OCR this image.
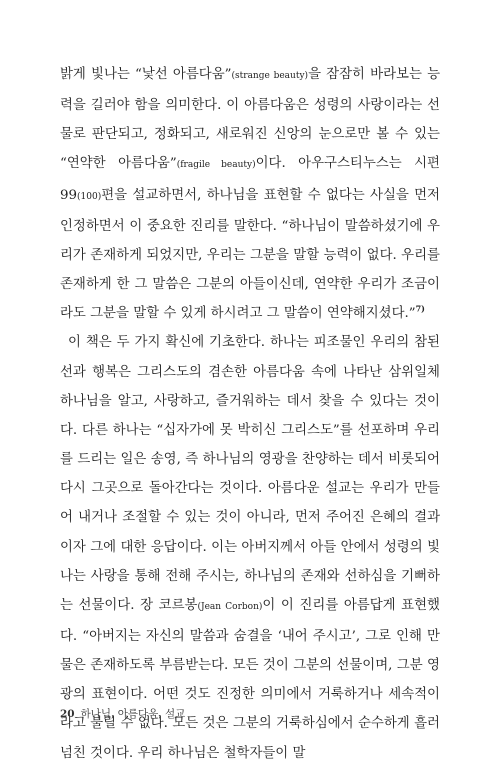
밝게 빛나는 “낯선 아름다움”(strange beauty)을 잠잠히 바라보는 능력을 길러야 함을 의미한다. 이 아름다움은 성령의 사랑이라는 선물로 판단되고, 정화되고, 새로워진 신앙의 눈으로만 볼 수 있는 “연약한 아름다움”(fragile beauty)이다. 아우구스티누스는 시편 99(100)편을 설교하면서, 하나님을 표현할 수 없다는 사실을 먼저 인정하면서 이 중요한 진리를 말한다. “하나님이 말씀하셨기에 우리가 존재하게 되었지만, 우리는 그분을 말할 능력이 없다. 우리를 존재하게 한 그 말씀은 그분의 아들이신데, 연약한 우리가 조금이라도 그분을 말할 수 있게 하시려고 그 말씀이 연약해지셨다.”$^{7)}$

이 책은 두 가지 확신에 기초한다. 하나는 피조물인 우리의 참된 선과 행복은 그리스도의 겸손한 아름다움 속에 나타난 삼위일체 하나님을 알고, 사랑하고, 즐거워하는 데서 찾을 수 있다는 것이다. 다른 하나는 “십자가에 못 박히신 그리스도”를 선포하며 우리를 드리는 일은 송영, 즉 하나님의 영광을 찬양하는 데서 비롯되어 다시 그곳으로 돌아간다는 것이다. 아름다운 설교는 우리가 만들어 내거나 조절할 수 있는 것이 아니라, 먼저 주어진 은혜의 결과이자 그에 대한 응답이다. 이는 아버지께서 아들 안에서 성령의 빛나는 사랑을 통해 전해 주시는, 하나님의 존재와 선하심을 기뻐하는 선물이다. 장 코르봉(Jean Corbon)이 이 진리를 아름답게 표현했다. “아버지는 자신의 말씀과 숨결을 ‘내어 주시고’, 그로 인해 만물은 존재하도록 부름받는다. 모든 것이 그분의 선물이며, 그분 영광의 표현이다. 어떤 것도 진정한 의미에서 거룩하거나 세속적이라고 불릴 수 없다. 모든 것은 그분의 거룩하심에서 순수하게 흘러넘친 것이다. 우리 하나님은 철학자들이 말

20 하나님, 아름다움, 설교
